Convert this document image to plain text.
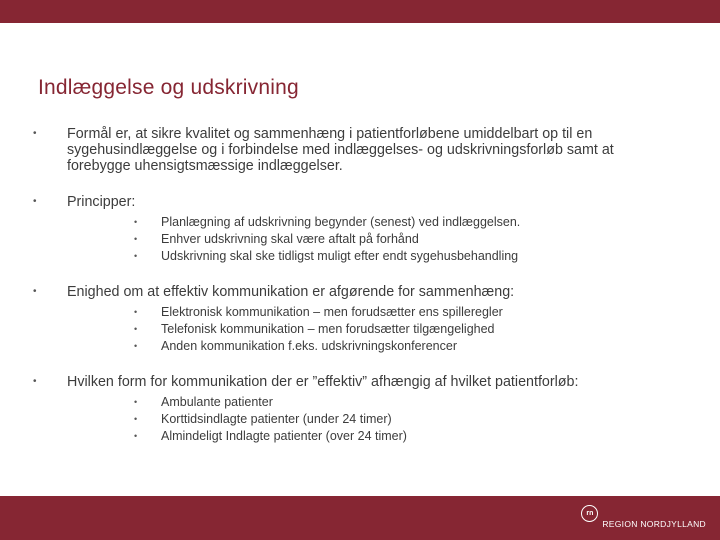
Indlæggelse og udskrivning
• Formål er, at sikre kvalitet og sammenhæng i patientforløbene umiddelbart op til en sygehusindlæggelse og i forbindelse med indlæggelses- og udskrivningsforløb samt at forebygge uhensigtsmæssige indlæggelser.
• Principper:
• Planlægning af udskrivning begynder (senest) ved indlæggelsen.
• Enhver udskrivning skal være aftalt på forhånd
• Udskrivning skal ske tidligst muligt efter endt sygehusbehandling
• Enighed om at effektiv kommunikation er afgørende for sammenhæng:
• Elektronisk kommunikation – men forudsætter ens spilleregler
• Telefonisk kommunikation – men forudsætter tilgængelighed
• Anden kommunikation f.eks. udskrivningskonferencer
• Hvilken form for kommunikation der er ”effektiv” afhængig af hvilket patientforløb:
• Ambulante patienter
• Korttidsindlagte patienter (under 24 timer)
• Almindeligt Indlagte patienter (over 24 timer)
rn
REGION NORDJYLLAND
